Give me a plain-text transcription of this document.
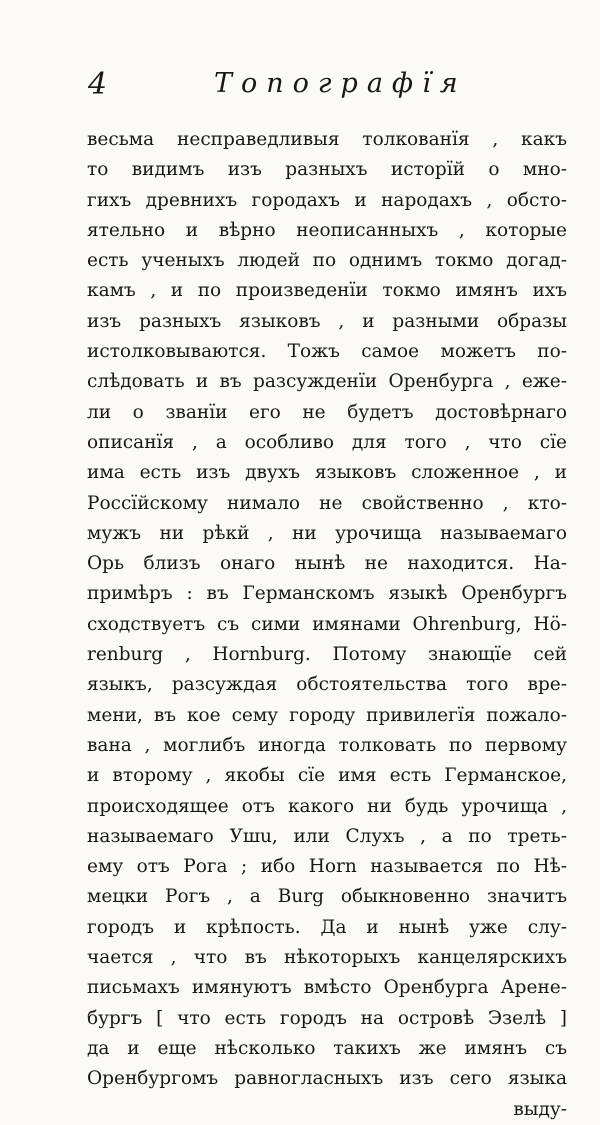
4	Топографїя
весьма несправедливыя толкованїя , какъ
то видимъ изъ разныхъ исторїй о мно-
гихъ древнихъ городахъ и народахъ , обсто-
ятельно и вѣрно неописанныхъ , которые
есть ученыхъ людей по однимъ токмо догад-
камъ , и по произведенїи токмо имянъ ихъ
изъ разныхъ языковъ , и разными образы
истолковываются. Тожъ самое можетъ по-
слѣдовать и въ разсужденїи Оренбурга , ежe-
ли о званїи его не будетъ достовѣрнаго
описанїя , а особливо для того , что сїе
има есть изъ двухъ языковъ сложенное , и
Россїйскому нимало не свойственно , кто-
мужъ ни рѣкй , ни урочища называемаго
Орь близъ онаго нынѣ не находится. На-
примѣръ : въ Германскомъ языкѣ Оренбургъ
сходствуетъ съ сими имянами Ohrenburg, Hö-
renburg , Hornburg. Потому знающїе сей
языкъ, разсуждая обстоятельства того вре-
мени, въ кое сему городу привилегїя пожало-
вана , моглибъ иногда толковать по первому
и второму , якобы сїе имя есть Германское,
происходящее отъ какого ни будь урочища ,
называемаго Ушu, или Слухъ , а по треть-
ему отъ Рога ; ибо Horn называется по Нѣ-
мецки Рогъ , а Burg обыкновенно значитъ
городъ и крѣпость. Да и нынѣ ужe слу-
чается , что въ нѣкоторыхъ канцелярскихъ
письмахъ имянуютъ вмѣсто Оренбурга Арене-
бургъ [ что есть городъ на островѣ Эзелѣ ]
да и еще нѣсколько такихъ же имянъ съ
Оренбургомъ равногласныхъ изъ сего языка
выду-
